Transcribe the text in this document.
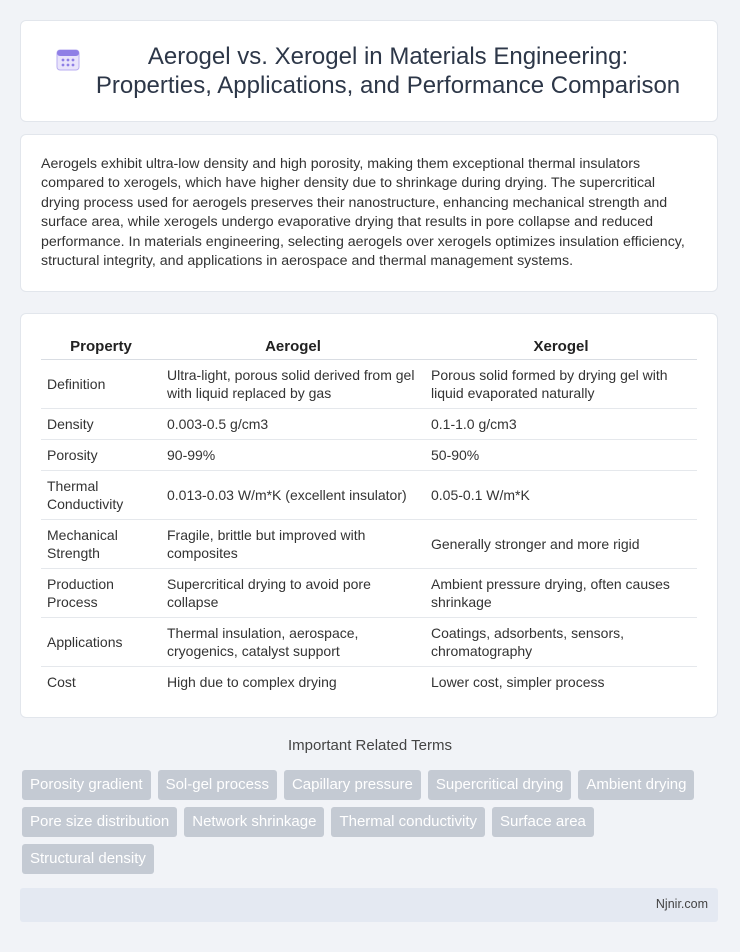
Aerogel vs. Xerogel in Materials Engineering: Properties, Applications, and Performance Comparison

Aerogels exhibit ultra-low density and high porosity, making them exceptional thermal insulators compared to xerogels, which have higher density due to shrinkage during drying. The supercritical drying process used for aerogels preserves their nanostructure, enhancing mechanical strength and surface area, while xerogels undergo evaporative drying that results in pore collapse and reduced performance. In materials engineering, selecting aerogels over xerogels optimizes insulation efficiency, structural integrity, and applications in aerospace and thermal management systems.

Property	Aerogel	Xerogel
Definition	Ultra-light, porous solid derived from gel with liquid replaced by gas	Porous solid formed by drying gel with liquid evaporated naturally
Density	0.003-0.5 g/cm3	0.1-1.0 g/cm3
Porosity	90-99%	50-90%
Thermal Conductivity	0.013-0.03 W/m*K (excellent insulator)	0.05-0.1 W/m*K
Mechanical Strength	Fragile, brittle but improved with composites	Generally stronger and more rigid
Production Process	Supercritical drying to avoid pore collapse	Ambient pressure drying, often causes shrinkage
Applications	Thermal insulation, aerospace, cryogenics, catalyst support	Coatings, adsorbents, sensors, chromatography
Cost	High due to complex drying	Lower cost, simpler process
Important Related Terms
Porosity gradient	Sol-gel process	Capillary pressure	Supercritical drying	Ambient drying
Pore size distribution	Network shrinkage	Thermal conductivity	Surface area
Structural density
Njnir.com
